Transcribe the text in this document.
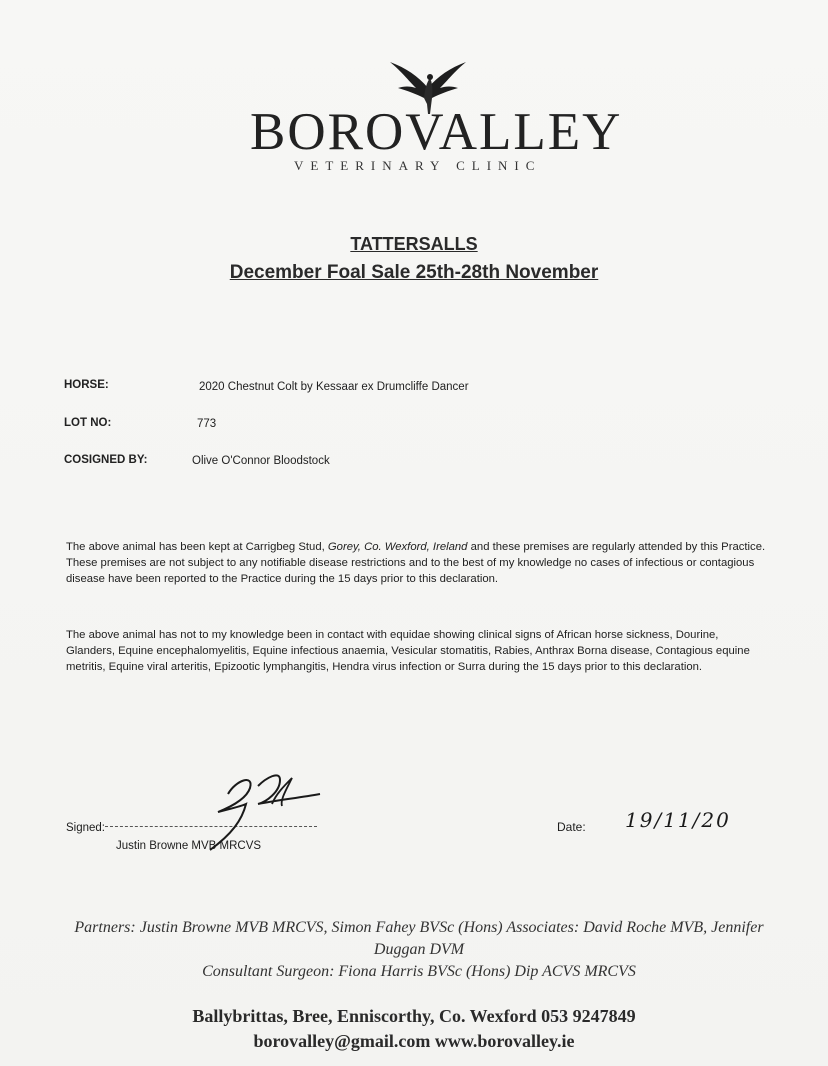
BOROVALLEY
VETERINARY CLINIC
TATTERSALLS
December Foal Sale 25th-28th November
HORSE:	2020 Chestnut Colt by Kessaar ex Drumcliffe Dancer
LOT NO:	773
COSIGNED BY:	Olive O'Connor Bloodstock
The above animal has been kept at Carrigbeg Stud, Gorey, Co. Wexford, Ireland and these premises are regularly attended by this Practice. These premises are not subject to any notifiable disease restrictions and to the best of my knowledge no cases of infectious or contagious disease have been reported to the Practice during the 15 days prior to this declaration.
The above animal has not to my knowledge been in contact with equidae showing clinical signs of African horse sickness, Dourine, Glanders, Equine encephalomyelitis, Equine infectious anaemia, Vesicular stomatitis, Rabies, Anthrax Borna disease, Contagious equine metritis, Equine viral arteritis, Epizootic lymphangitis, Hendra virus infection or Surra during the 15 days prior to this declaration.
Signed:
Justin Browne MVB MRCVS
Date: 19/11/20
Partners: Justin Browne MVB MRCVS, Simon Fahey BVSc (Hons) Associates: David Roche MVB, Jennifer Duggan DVM
Consultant Surgeon: Fiona Harris BVSc (Hons) Dip ACVS MRCVS
Ballybrittas, Bree, Enniscorthy, Co. Wexford 053 9247849
borovalley@gmail.com www.borovalley.ie
